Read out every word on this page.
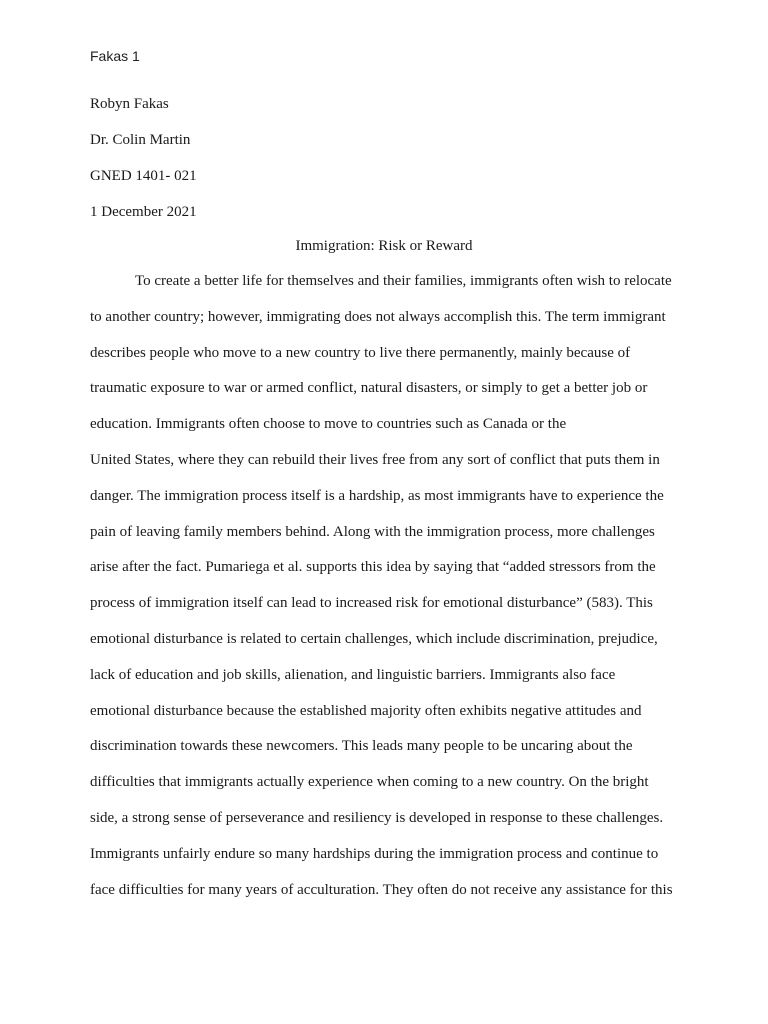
Fakas 1
Robyn Fakas
Dr. Colin Martin
GNED 1401- 021
1 December 2021
Immigration: Risk or Reward
To create a better life for themselves and their families, immigrants often wish to relocate
to another country; however, immigrating does not always accomplish this. The term immigrant
describes people who move to a new country to live there permanently, mainly because of
traumatic exposure to war or armed conflict, natural disasters, or simply to get a better job or
education. Immigrants often choose to move to countries such as Canada or the
United States, where they can rebuild their lives free from any sort of conflict that puts them in
danger. The immigration process itself is a hardship, as most immigrants have to experience the
pain of leaving family members behind. Along with the immigration process, more challenges
arise after the fact. Pumariega et al. supports this idea by saying that “added stressors from the
process of immigration itself can lead to increased risk for emotional disturbance” (583). This
emotional disturbance is related to certain challenges, which include discrimination, prejudice,
lack of education and job skills, alienation, and linguistic barriers. Immigrants also face
emotional disturbance because the established majority often exhibits negative attitudes and
discrimination towards these newcomers. This leads many people to be uncaring about the
difficulties that immigrants actually experience when coming to a new country. On the bright
side, a strong sense of perseverance and resiliency is developed in response to these challenges.
Immigrants unfairly endure so many hardships during the immigration process and continue to
face difficulties for many years of acculturation. They often do not receive any assistance for this
